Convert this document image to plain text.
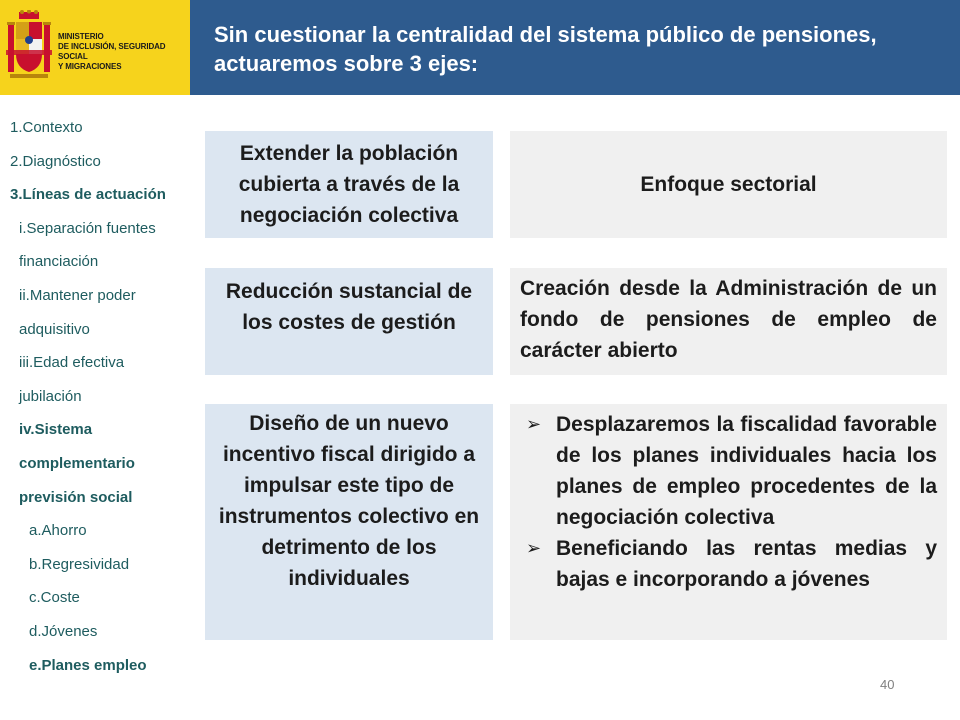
MINISTERIO
DE INCLUSIÓN, SEGURIDAD SOCIAL
Y MIGRACIONES
Sin cuestionar la centralidad del sistema público de pensiones, actuaremos sobre 3 ejes:
1.Contexto
2.Diagnóstico
3.Líneas de actuación
i.Separación fuentes
financiación
ii.Mantener poder
adquisitivo
iii.Edad efectiva
jubilación
iv.Sistema
complementario
previsión social
a.Ahorro
b.Regresividad
c.Coste
d.Jóvenes
e.Planes empleo
Extender la población cubierta a través de la negociación colectiva
Enfoque sectorial
Reducción sustancial de los costes de gestión
Creación desde la Administración de un fondo de pensiones de empleo de carácter abierto
Diseño de un nuevo incentivo fiscal dirigido a impulsar este tipo de instrumentos colectivo en detrimento de los individuales
➢ Desplazaremos la fiscalidad favorable de los planes individuales hacia los planes de empleo procedentes de la negociación colectiva
➢ Beneficiando las rentas medias y bajas e incorporando a jóvenes
40
